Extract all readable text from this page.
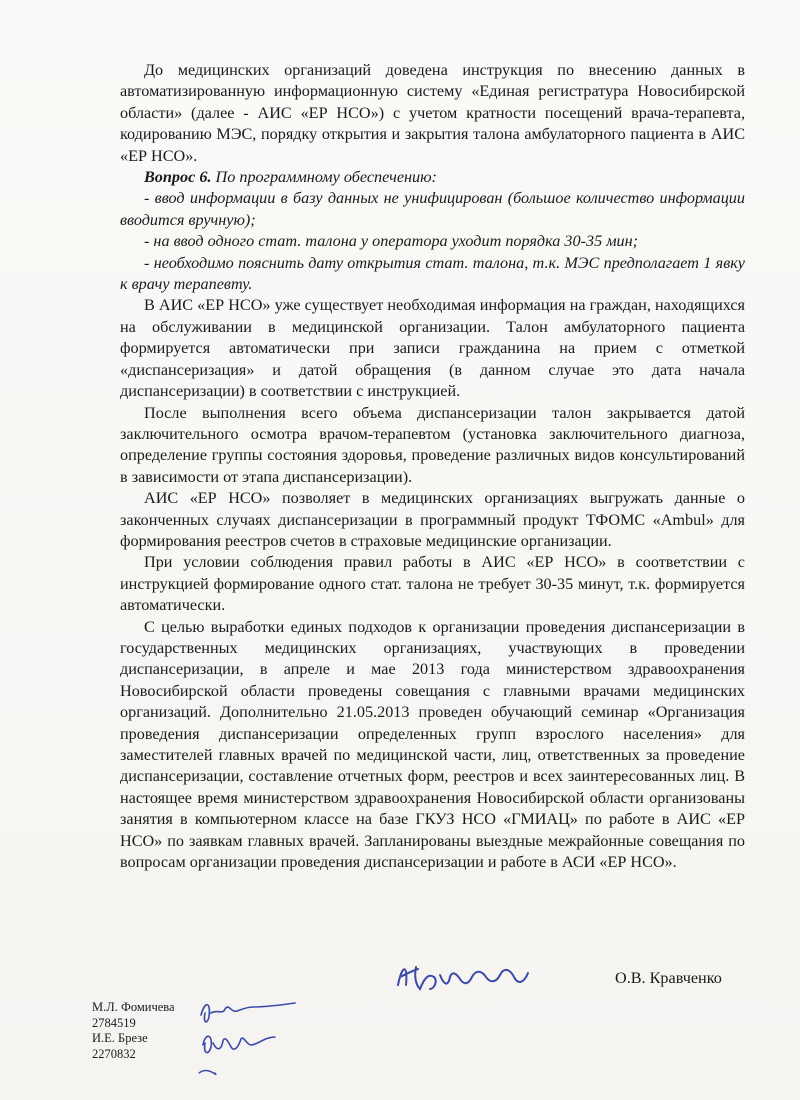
До медицинских организаций доведена инструкция по внесению данных в автоматизированную информационную систему «Единая регистратура Новосибирской области» (далее - АИС «ЕР НСО») с учетом кратности посещений врача-терапевта, кодированию МЭС, порядку открытия и закрытия талона амбулаторного пациента в АИС «ЕР НСО».

Вопрос 6. По программному обеспечению:

- ввод информации в базу данных не унифицирован (большое количество информации вводится вручную);

- на ввод одного стат. талона у оператора уходит порядка 30-35 мин;

- необходимо пояснить дату открытия стат. талона, т.к. МЭС предполагает 1 явку к врачу терапевту.

В АИС «ЕР НСО» уже существует необходимая информация на граждан, находящихся на обслуживании в медицинской организации. Талон амбулаторного пациента формируется автоматически при записи гражданина на прием с отметкой «диспансеризация» и датой обращения (в данном случае это дата начала диспансеризации) в соответствии с инструкцией.

После выполнения всего объема диспансеризации талон закрывается датой заключительного осмотра врачом-терапевтом (установка заключительного диагноза, определение группы состояния здоровья, проведение различных видов консультирований в зависимости от этапа диспансеризации).

АИС «ЕР НСО» позволяет в медицинских организациях выгружать данные о законченных случаях диспансеризации в программный продукт ТФОМС «Ambul» для формирования реестров счетов в страховые медицинские организации.

При условии соблюдения правил работы в АИС «ЕР НСО» в соответствии с инструкцией формирование одного стат. талона не требует 30-35 минут, т.к. формируется автоматически.

С целью выработки единых подходов к организации проведения диспансеризации в государственных медицинских организациях, участвующих в проведении диспансеризации, в апреле и мае 2013 года министерством здравоохранения Новосибирской области проведены совещания с главными врачами медицинских организаций. Дополнительно 21.05.2013 проведен обучающий семинар «Организация проведения диспансеризации определенных групп взрослого населения» для заместителей главных врачей по медицинской части, лиц, ответственных за проведение диспансеризации, составление отчетных форм, реестров и всех заинтересованных лиц. В настоящее время министерством здравоохранения Новосибирской области организованы занятия в компьютерном классе на базе ГКУЗ НСО «ГМИАЦ» по работе в АИС «ЕР НСО» по заявкам главных врачей. Запланированы выездные межрайонные совещания по вопросам организации проведения диспансеризации и работе в АСИ «ЕР НСО».

О.В. Кравченко
М.Л. Фомичева
2784519
И.Е. Брезе
2270832
